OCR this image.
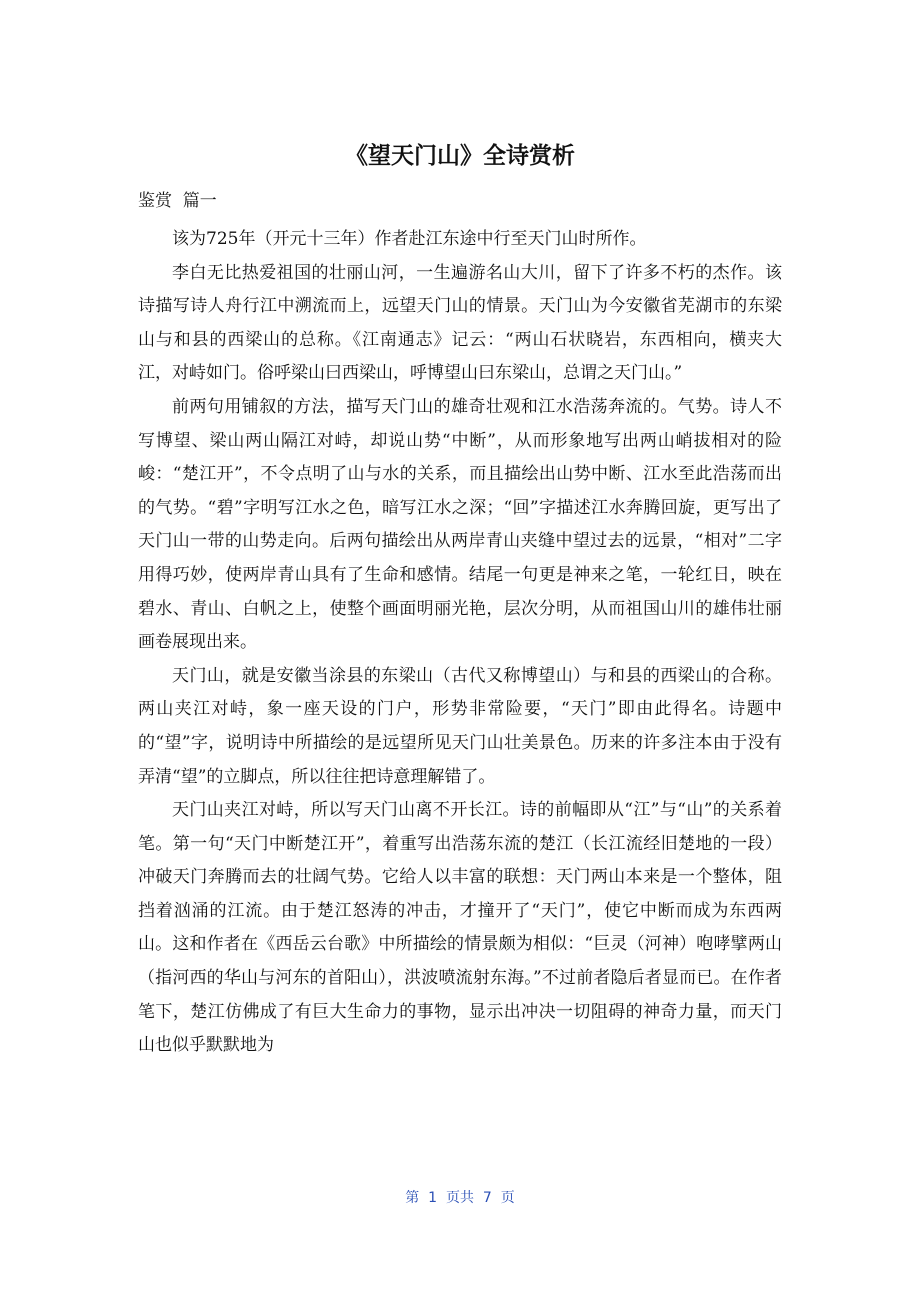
《望天门山》全诗赏析

鉴赏  篇一

该为725年（开元十三年）作者赴江东途中行至天门山时所作。

李白无比热爱祖国的壮丽山河，一生遍游名山大川，留下了许多不朽的杰作。该诗描写诗人舟行江中溯流而上，远望天门山的情景。天门山为今安徽省芜湖市的东梁山与和县的西梁山的总称。《江南通志》记云：“两山石状晓岩，东西相向，横夹大江，对峙如门。俗呼梁山曰西梁山，呼博望山曰东梁山，总谓之天门山。”

前两句用铺叙的方法，描写天门山的雄奇壮观和江水浩荡奔流的。气势。诗人不写博望、梁山两山隔江对峙，却说山势“中断”，从而形象地写出两山峭拔相对的险峻：“楚江开”，不令点明了山与水的关系，而且描绘出山势中断、江水至此浩荡而出的气势。“碧”字明写江水之色，暗写江水之深；“回”字描述江水奔腾回旋，更写出了天门山一带的山势走向。后两句描绘出从两岸青山夹缝中望过去的远景，“相对”二字用得巧妙，使两岸青山具有了生命和感情。结尾一句更是神来之笔，一轮红日，映在碧水、青山、白帆之上，使整个画面明丽光艳，层次分明，从而祖国山川的雄伟壮丽画卷展现出来。

天门山，就是安徽当涂县的东梁山（古代又称博望山）与和县的西梁山的合称。两山夹江对峙，象一座天设的门户，形势非常险要，“天门”即由此得名。诗题中的“望”字，说明诗中所描绘的是远望所见天门山壮美景色。历来的许多注本由于没有弄清“望”的立脚点，所以往往把诗意理解错了。

天门山夹江对峙，所以写天门山离不开长江。诗的前幅即从“江”与“山”的关系着笔。第一句“天门中断楚江开”，着重写出浩荡东流的楚江（长江流经旧楚地的一段）冲破天门奔腾而去的壮阔气势。它给人以丰富的联想：天门两山本来是一个整体，阻挡着汹涌的江流。由于楚江怒涛的冲击，才撞开了“天门”，使它中断而成为东西两山。这和作者在《西岳云台歌》中所描绘的情景颇为相似：“巨灵（河神）咆哮擘两山（指河西的华山与河东的首阳山），洪波喷流射东海。”不过前者隐后者显而已。在作者笔下，楚江仿佛成了有巨大生命力的事物，显示出冲决一切阻碍的神奇力量，而天门山也似乎默默地为

第  1  页共  7  页
